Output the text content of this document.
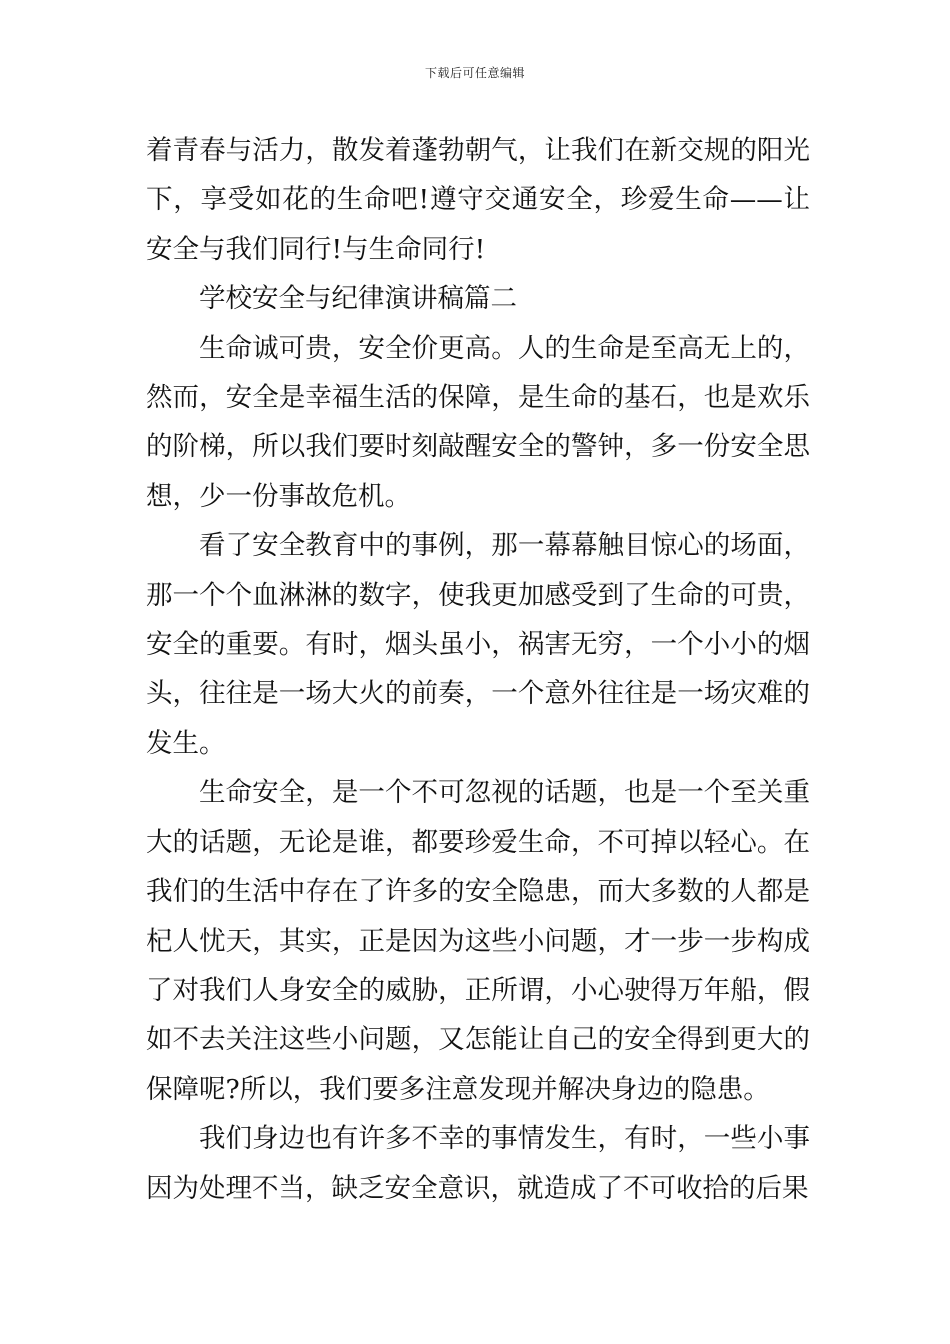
下载后可任意编辑

着青春与活力，散发着蓬勃朝气，让我们在新交规的阳光下，享受如花的生命吧!遵守交通安全，珍爱生命——让安全与我们同行!与生命同行!

学校安全与纪律演讲稿篇二

生命诚可贵，安全价更高。人的生命是至高无上的，然而，安全是幸福生活的保障，是生命的基石，也是欢乐的阶梯，所以我们要时刻敲醒安全的警钟，多一份安全思想，少一份事故危机。

看了安全教育中的事例，那一幕幕触目惊心的场面，那一个个血淋淋的数字，使我更加感受到了生命的可贵，安全的重要。有时，烟头虽小，祸害无穷，一个小小的烟头，往往是一场大火的前奏，一个意外往往是一场灾难的发生。

生命安全，是一个不可忽视的话题，也是一个至关重大的话题，无论是谁，都要珍爱生命，不可掉以轻心。在我们的生活中存在了许多的安全隐患，而大多数的人都是杞人忧天，其实，正是因为这些小问题，才一步一步构成了对我们人身安全的威胁，正所谓，小心驶得万年船，假如不去关注这些小问题，又怎能让自己的安全得到更大的保障呢?所以，我们要多注意发现并解决身边的隐患。

我们身边也有许多不幸的事情发生，有时，一些小事因为处理不当，缺乏安全意识，就造成了不可收拾的后果
